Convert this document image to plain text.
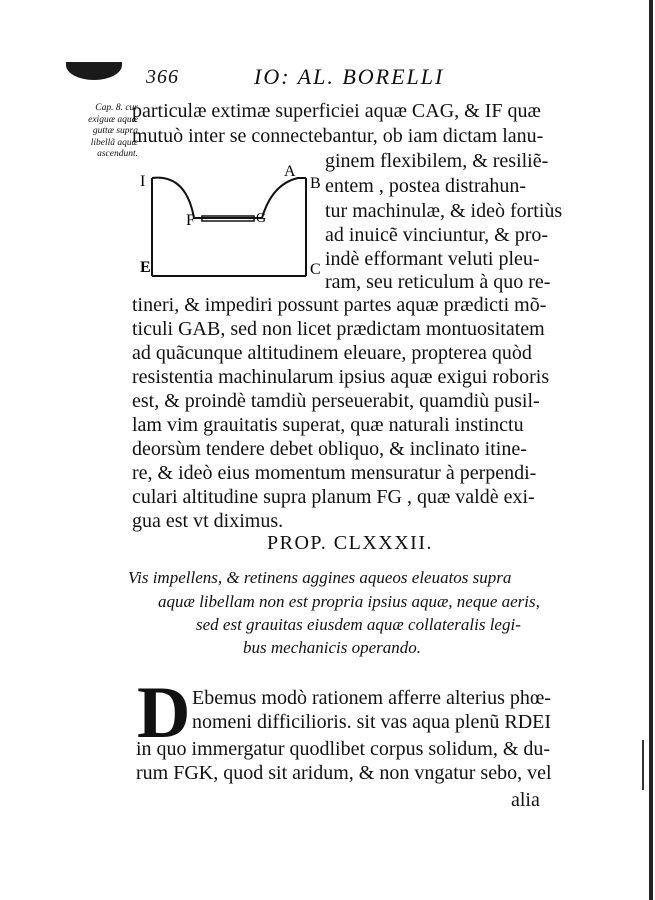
366	IO: AL. BORELLI
Cap. 8. cur
exiguæ aquæ
guttæ supra
libellã aquæ
ascendunt.
particulæ extimæ superficiei aquæ CAG, & IF quæ
mutuò inter se connectebantur, ob iam dictam lanu-
ginem flexibilem, & resiliẽ-
entem , postea distrahun-
tur machinulæ, & ideò fortiùs
ad inuicẽ vinciuntur, & pro-
indè efformant veluti pleu-
ram, seu reticulum à quo re-
tineri, & impediri possunt partes aquæ prædicti mõ-
ticuli GAB, sed non licet prædictam montuositatem
ad quãcunque altitudinem eleuare, propterea quòd
resistentia machinularum ipsius aquæ exigui roboris
est, & proindè tamdiù perseuerabit, quamdiù pusil-
lam vim grauitatis superat, quæ naturali instinctu
deorsùm tendere debet obliquo, & inclinato itine-
re, & ideò eius momentum mensuratur à perpendi-
culari altitudine supra planum FG , quæ valdè exi-
gua est vt diximus.
I
A
B
F	G
E	C
PROP. CLXXXII.
Vis impellens, & retinens aggines aqueos eleuatos supra
aquæ libellam non est propria ipsius aquæ, neque aeris,
sed est grauitas eiusdem aquæ collateralis legi-
bus mechanicis operando.
D Ebemus modò rationem afferre alterius phœ-
nomeni difficilioris. sit vas aqua plenũ RDEI
in quo immergatur quodlibet corpus solidum, & du-
rum FGK, quod sit aridum, & non vngatur sebo, vel
alia
